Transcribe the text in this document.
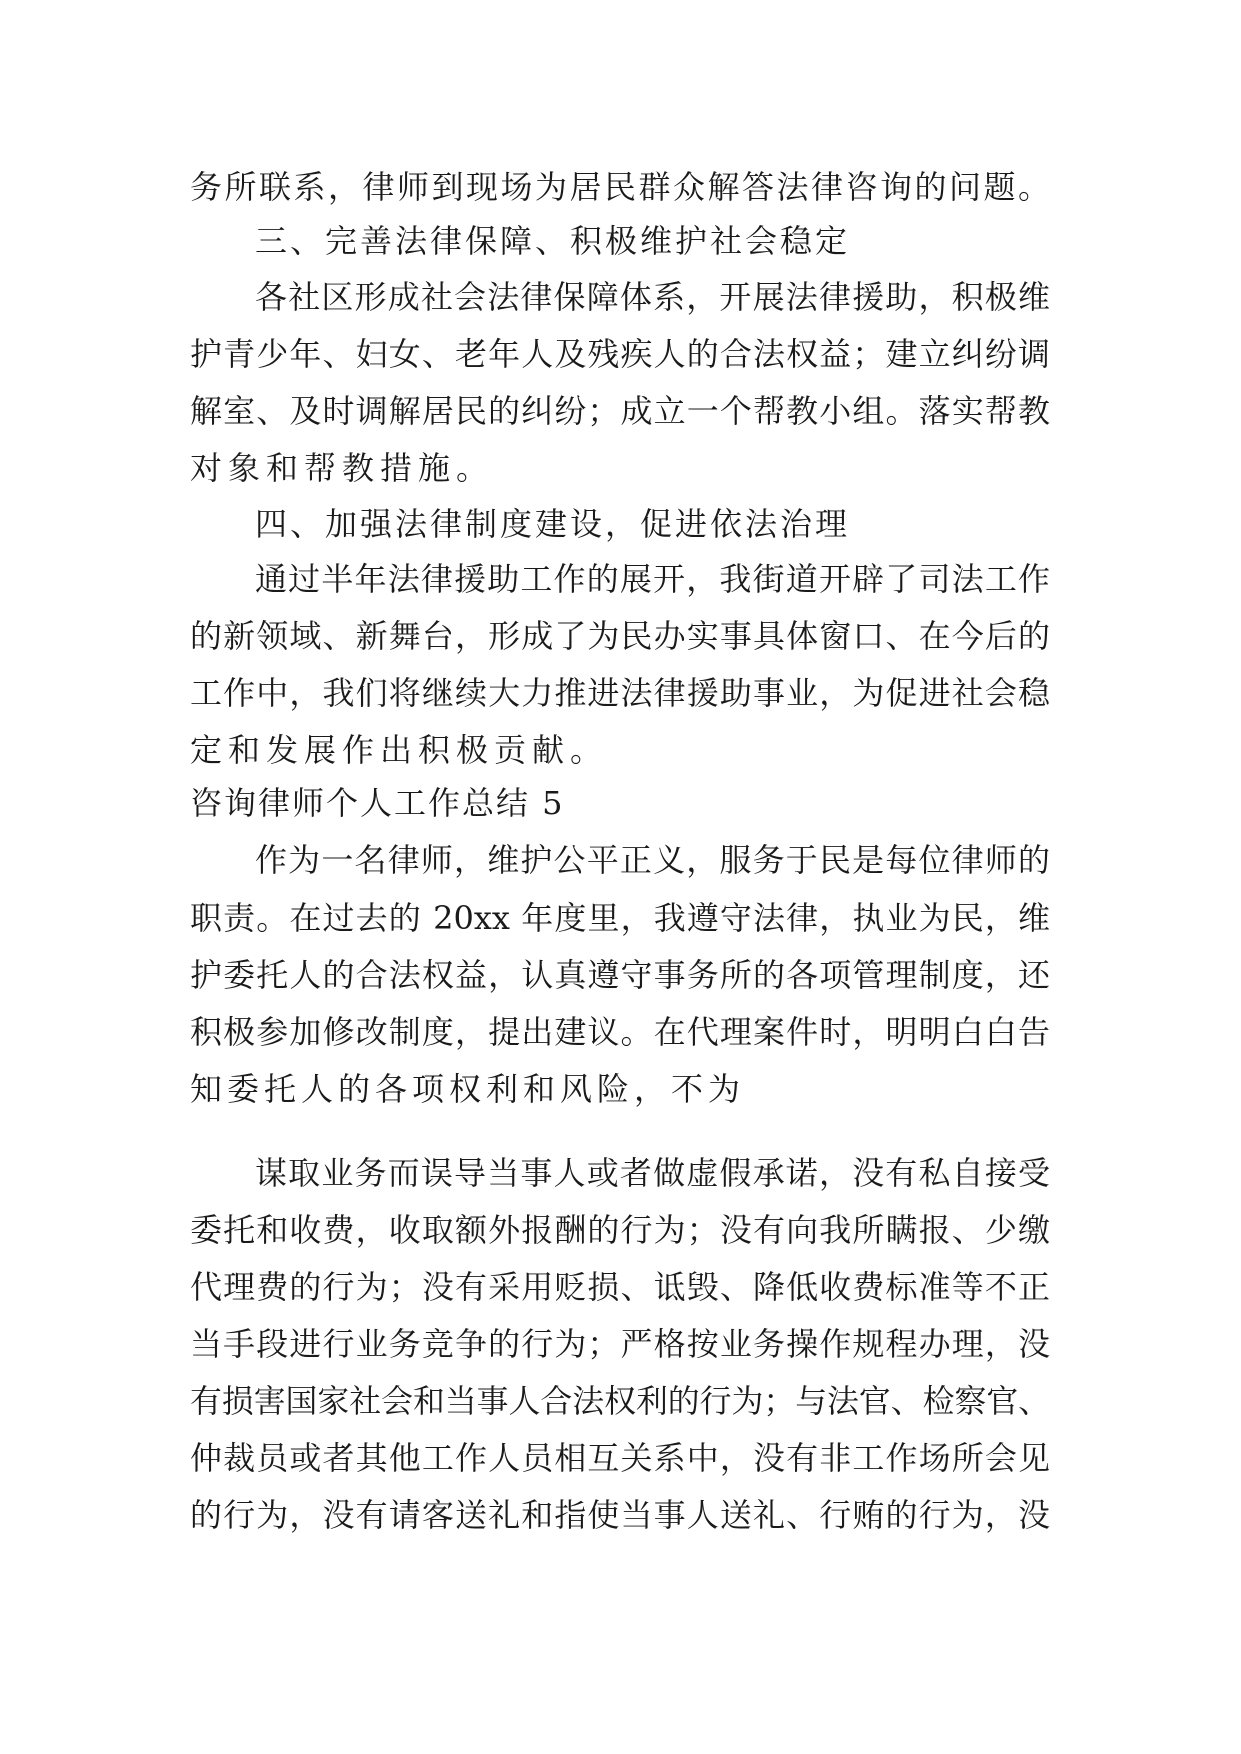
务所联系，律师到现场为居民群众解答法律咨询的问题。
三、完善法律保障、积极维护社会稳定
各社区形成社会法律保障体系，开展法律援助，积极维
护青少年、妇女、老年人及残疾人的合法权益；建立纠纷调
解室、及时调解居民的纠纷；成立一个帮教小组。落实帮教
对象和帮教措施。
四、加强法律制度建设，促进依法治理
通过半年法律援助工作的展开，我街道开辟了司法工作
的新领域、新舞台，形成了为民办实事具体窗口、在今后的
工作中，我们将继续大力推进法律援助事业，为促进社会稳
定和发展作出积极贡献。
咨询律师个人工作总结 5
作为一名律师，维护公平正义，服务于民是每位律师的
职责。在过去的 20xx 年度里，我遵守法律，执业为民，维
护委托人的合法权益，认真遵守事务所的各项管理制度，还
积极参加修改制度，提出建议。在代理案件时，明明白白告
知委托人的各项权利和风险，不为
谋取业务而误导当事人或者做虚假承诺，没有私自接受
委托和收费，收取额外报酬的行为；没有向我所瞒报、少缴
代理费的行为；没有采用贬损、诋毁、降低收费标准等不正
当手段进行业务竞争的行为；严格按业务操作规程办理，没
有损害国家社会和当事人合法权利的行为；与法官、检察官、
仲裁员或者其他工作人员相互关系中，没有非工作场所会见
的行为，没有请客送礼和指使当事人送礼、行贿的行为，没
